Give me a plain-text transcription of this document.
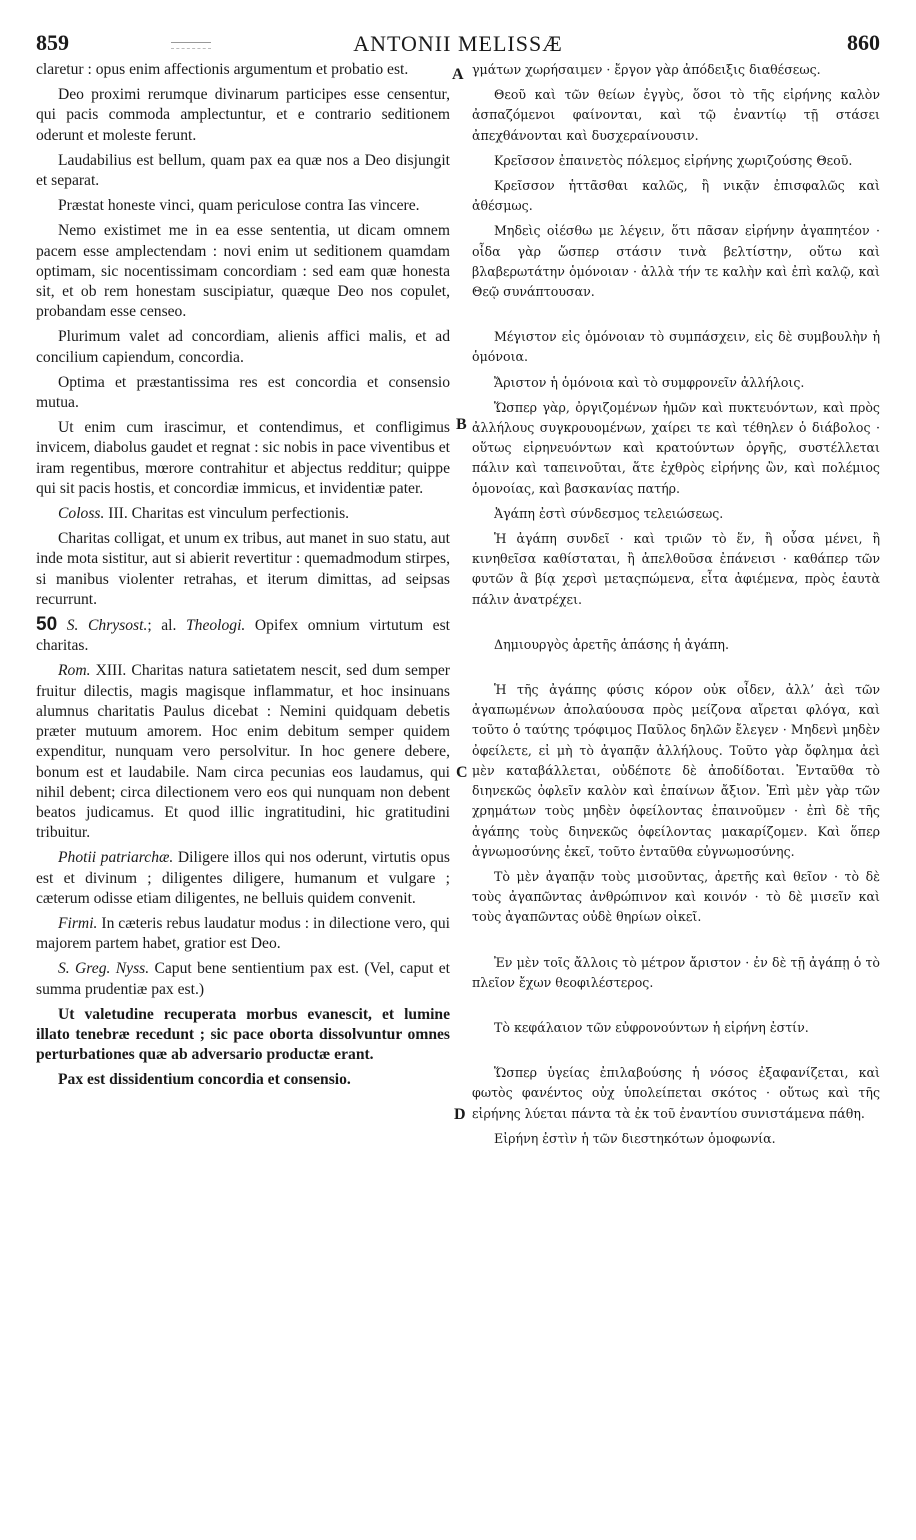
859	ANTONII MELISSÆ	860
A
B
C
D

claretur : opus enim affectionis argumentum et probatio est.

Deo proximi rerumque divinarum participes esse censentur, qui pacis commoda amplectuntur, et e contrario seditionem oderunt et moleste ferunt.

Laudabilius est bellum, quam pax ea quæ nos a Deo disjungit et separat.

Præstat honeste vinci, quam periculose contra Ias vincere.

Nemo existimet me in ea esse sententia, ut dicam omnem pacem esse amplectendam : novi enim ut seditionem quamdam optimam, sic nocentissimam concordiam : sed eam quæ honesta sit, et ob rem honestam suscipiatur, quæque Deo nos copulet, probandam esse censeo.

Plurimum valet ad concordiam, alienis affici malis, et ad concilium capiendum, concordia.

Optima et præstantissima res est concordia et consensio mutua.

Ut enim cum irascimur, et contendimus, et confligimus invicem, diabolus gaudet et regnat : sic nobis in pace viventibus et iram regentibus, mœrore contrahitur et abjectus redditur; quippe qui sit pacis hostis, et concordiæ immicus, et invidentiæ pater.

Coloss. III. Charitas est vinculum perfectionis.

Charitas colligat, et unum ex tribus, aut manet in suo statu, aut inde mota sistitur, aut si abierit revertitur : quemadmodum stirpes, si manibus violenter retrahas, et iterum dimittas, ad seipsas recurrunt.

50 S. Chrysost.; al. Theologi. Opifex omnium virtutum est charitas.

Rom. XIII. Charitas natura satietatem nescit, sed dum semper fruitur dilectis, magis magisque inflammatur, et hoc insinuans alumnus charitatis Paulus dicebat : Nemini quidquam debetis præter mutuum amorem. Hoc enim debitum semper quidem expenditur, nunquam vero persolvitur. In hoc genere debere, bonum est et laudabile. Nam circa pecunias eos laudamus, qui nihil debent; circa dilectionem vero eos qui nunquam non debent beatos judicamus. Et quod illic ingratitudini, hic gratitudini tribuitur.

Photii patriarchæ. Diligere illos qui nos oderunt, virtutis opus est et divinum ; diligentes diligere, humanum et vulgare ; cæterum odisse etiam diligentes, ne belluis quidem convenit.

Firmi. In cæteris rebus laudatur modus : in dilectione vero, qui majorem partem habet, gratior est Deo.

S. Greg. Nyss. Caput bene sentientium pax est. (Vel, caput et summa prudentiæ pax est.)

Ut valetudine recuperata morbus evanescit, et lumine illato tenebræ recedunt ; sic pace oborta dissolvuntur omnes perturbationes quæ ab adversario productæ erant.

Pax est dissidentium concordia et consensio.

γμάτων χωρήσαιμεν · ἔργον γὰρ ἀπόδειξις διαθέσεως.

Θεοῦ καὶ τῶν θείων ἐγγὺς, ὅσοι τὸ τῆς εἰρήνης καλὸν ἀσπαζόμενοι φαίνονται, καὶ τῷ ἐναντίῳ τῇ στάσει ἀπεχθάνονται καὶ δυσχεραίνουσιν.

Κρεῖσσον ἐπαινετὸς πόλεμος εἰρήνης χωριζούσης Θεοῦ.

Κρεῖσσον ἡττᾶσθαι καλῶς, ἢ νικᾷν ἐπισφαλῶς καὶ ἀθέσμως.

Μηδεὶς οἰέσθω με λέγειν, ὅτι πᾶσαν εἰρήνην ἀγαπητέον · οἶδα γὰρ ὥσπερ στάσιν τινὰ βελτίστην, οὕτω καὶ βλαβερωτάτην ὁμόνοιαν · ἀλλὰ τήν τε καλὴν καὶ ἐπὶ καλῷ, καὶ Θεῷ συνάπτουσαν.

Μέγιστον εἰς ὁμόνοιαν τὸ συμπάσχειν, εἰς δὲ συμβουλὴν ἡ ὁμόνοια.

Ἄριστον ἡ ὁμόνοια καὶ τὸ συμφρονεῖν ἀλλήλοις.

Ὥσπερ γὰρ, ὀργιζομένων ἡμῶν καὶ πυκτευόντων, καὶ πρὸς ἀλλήλους συγκρουομένων, χαίρει τε καὶ τέθηλεν ὁ διάβολος · οὕτως εἰρηνευόντων καὶ κρατούντων ὀργῆς, συστέλλεται πάλιν καὶ ταπεινοῦται, ἅτε ἐχθρὸς εἰρήνης ὢν, καὶ πολέμιος ὁμονοίας, καὶ βασκανίας πατήρ.

Ἀγάπη ἐστὶ σύνδεσμος τελειώσεως.

Ἡ ἀγάπη συνδεῖ · καὶ τριῶν τὸ ἕν, ἢ οὖσα μένει, ἢ κινηθεῖσα καθίσταται, ἢ ἀπελθοῦσα ἐπάνεισι · καθάπερ τῶν φυτῶν ἃ βίᾳ χερσὶ μεταςπώμενα, εἶτα ἀφιέμενα, πρὸς ἑαυτὰ πάλιν ἀνατρέχει.

Δημιουργὸς ἀρετῆς ἁπάσης ἡ ἀγάπη.

Ἡ τῆς ἀγάπης φύσις κόρον οὐκ οἶδεν, ἀλλ’ ἀεὶ τῶν ἀγαπωμένων ἀπολαύουσα πρὸς μείζονα αἴρεται φλόγα, καὶ τοῦτο ὁ ταύτης τρόφιμος Παῦλος δηλῶν ἔλεγεν · Μηδενὶ μηδὲν ὀφείλετε, εἰ μὴ τὸ ἀγαπᾷν ἀλλήλους. Τοῦτο γὰρ ὄφλημα ἀεὶ μὲν καταβάλλεται, οὐδέποτε δὲ ἀποδίδοται. Ἐνταῦθα τὸ διηνεκῶς ὀφλεῖν καλὸν καὶ ἐπαίνων ἄξιον. Ἐπὶ μὲν γὰρ τῶν χρημάτων τοὺς μηδὲν ὀφείλοντας ἐπαινοῦμεν · ἐπὶ δὲ τῆς ἀγάπης τοὺς διηνεκῶς ὀφείλοντας μακαρίζομεν. Καὶ ὅπερ ἀγνωμοσύνης ἐκεῖ, τοῦτο ἐνταῦθα εὐγνωμοσύνης.

Τὸ μὲν ἀγαπᾷν τοὺς μισοῦντας, ἀρετῆς καὶ θεῖον · τὸ δὲ τοὺς ἀγαπῶντας ἀνθρώπινον καὶ κοινόν · τὸ δὲ μισεῖν καὶ τοὺς ἀγαπῶντας οὐδὲ θηρίων οἰκεῖ.

Ἐν μὲν τοῖς ἄλλοις τὸ μέτρον ἄριστον · ἐν δὲ τῇ ἀγάπῃ ὁ τὸ πλεῖον ἔχων θεοφιλέστερος.

Τὸ κεφάλαιον τῶν εὐφρονούντων ἡ εἰρήνη ἐστίν.

Ὥσπερ ὑγείας ἐπιλαβούσης ἡ νόσος ἐξαφανίζεται, καὶ φωτὸς φανέντος οὐχ ὑπολείπεται σκότος · οὕτως καὶ τῆς εἰρήνης λύεται πάντα τὰ ἐκ τοῦ ἐναντίου συνιστάμενα πάθη.

Εἰρήνη ἐστὶν ἡ τῶν διεστηκότων ὁμοφωνία.
